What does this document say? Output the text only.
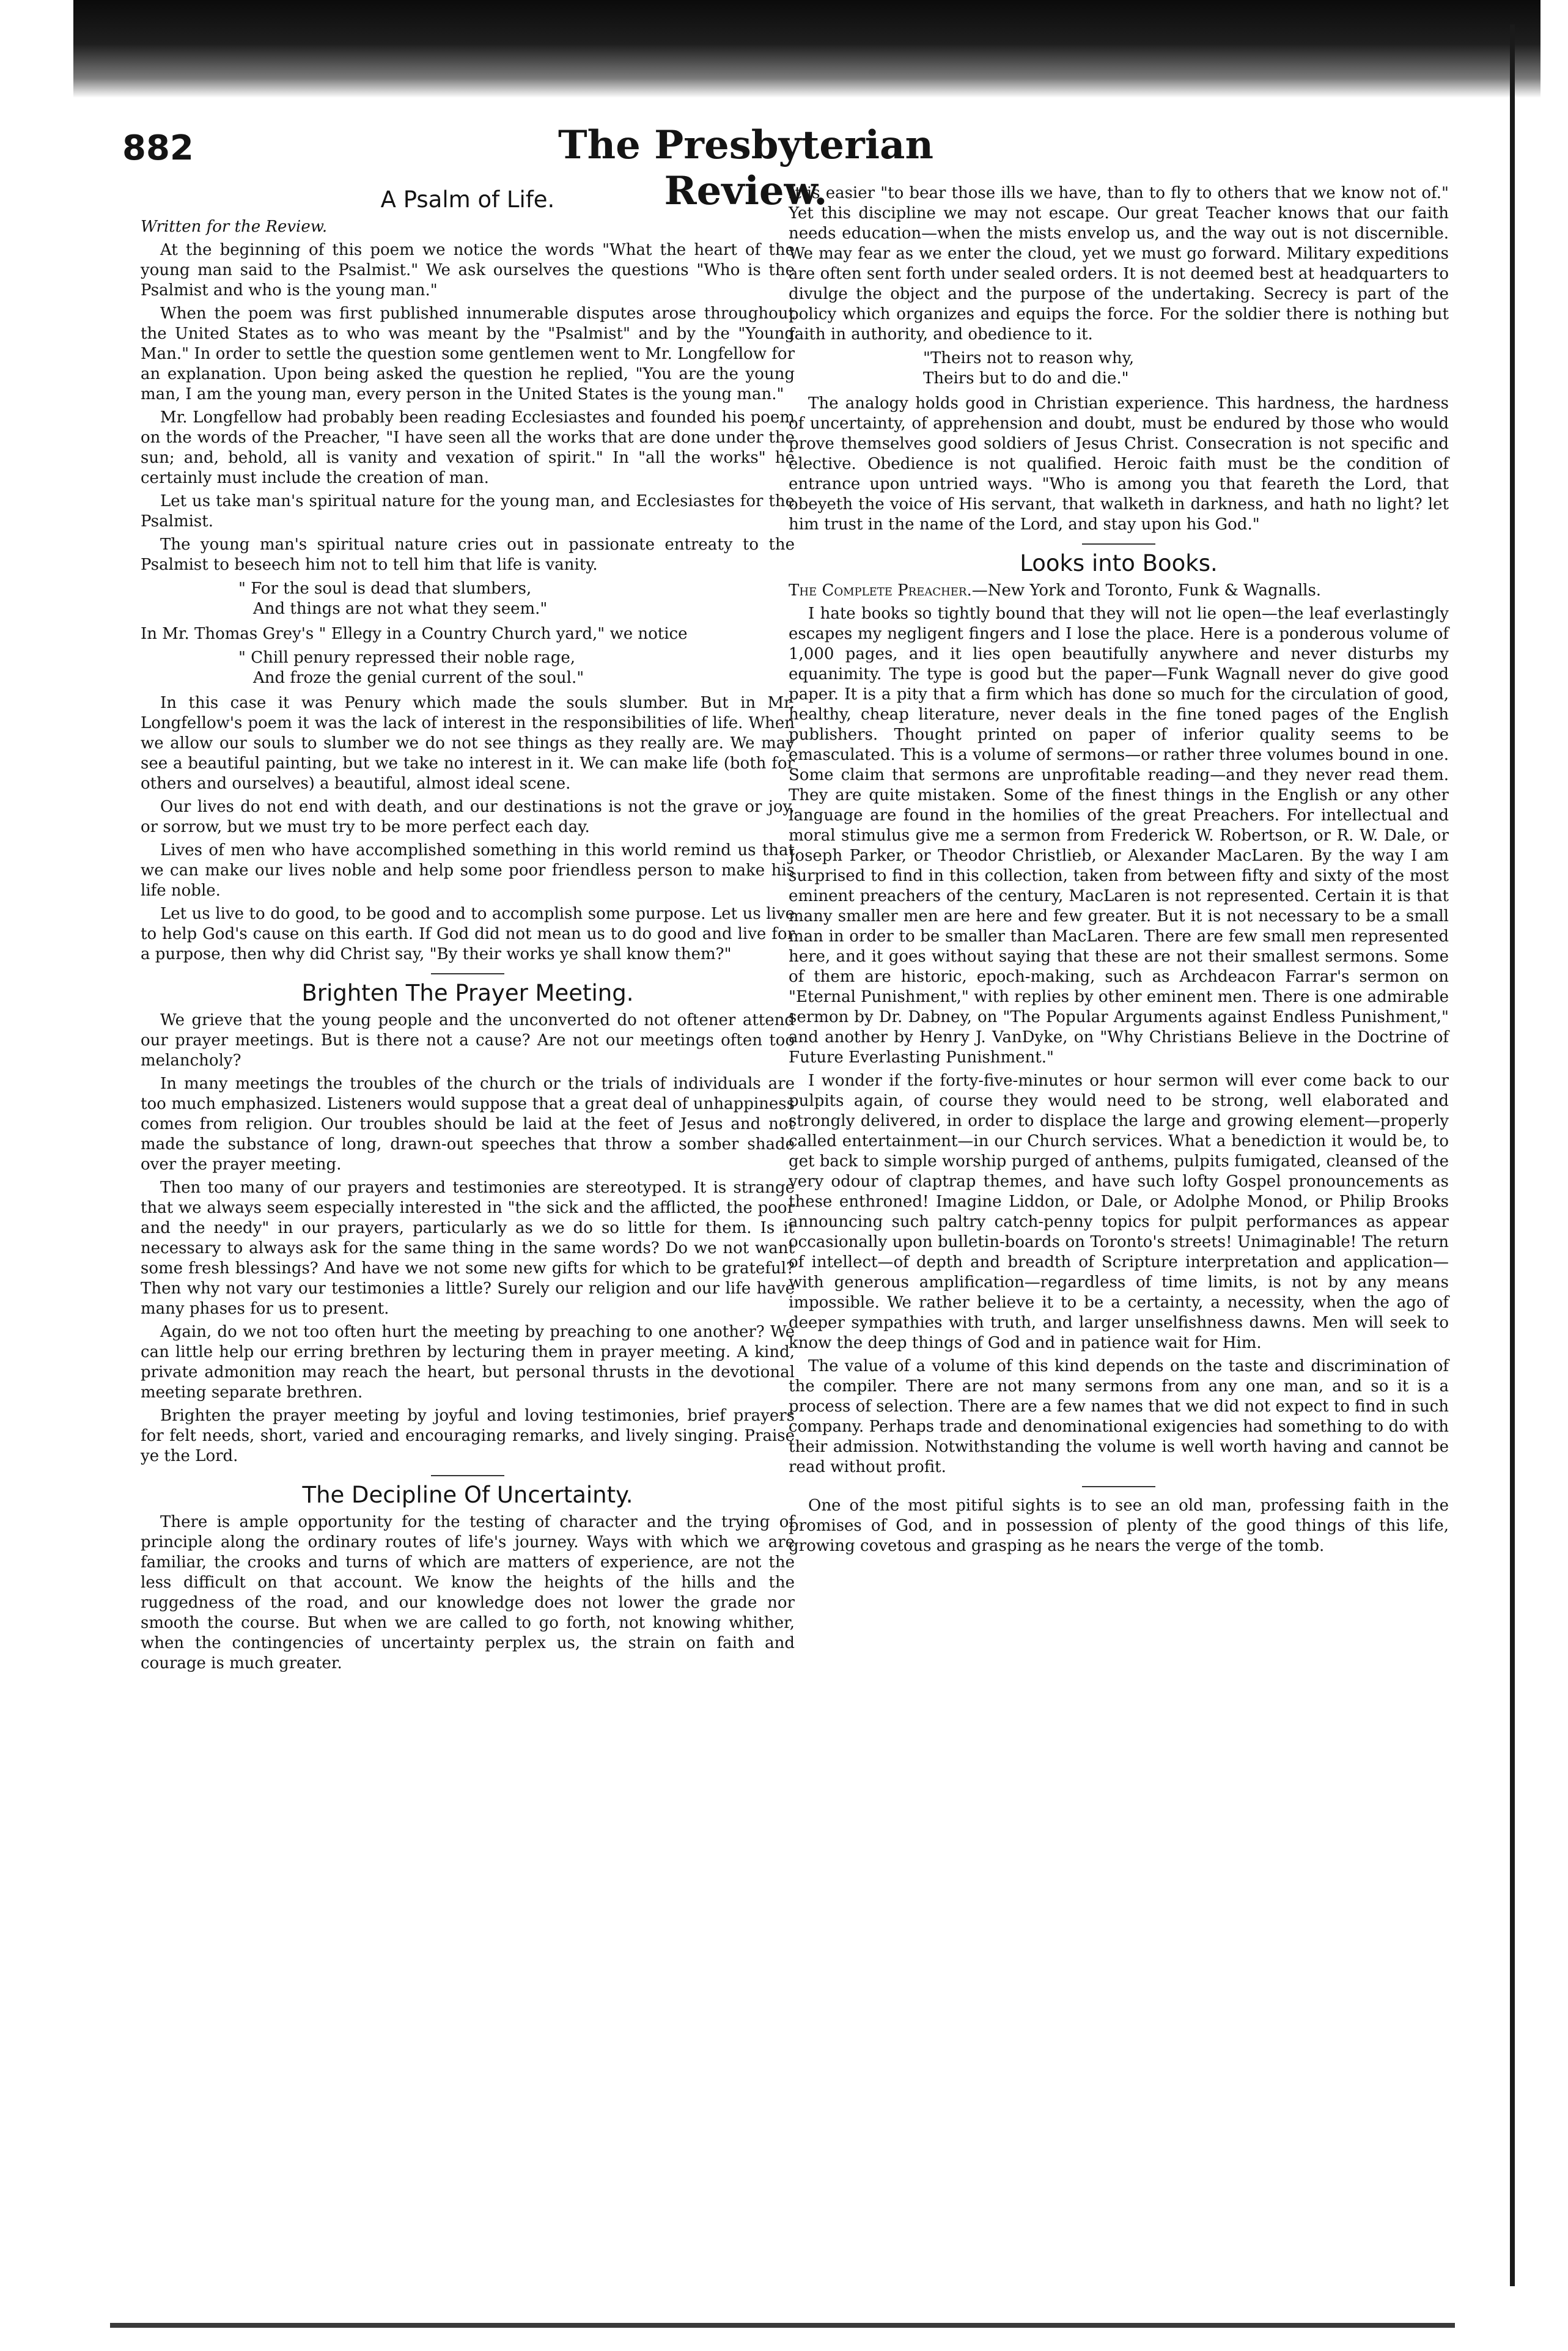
882	The Presbyterian Review.
A Psalm of Life.

Written for the Review.

At the beginning of this poem we notice the words "What the heart of the young man said to the Psalmist." We ask ourselves the questions "Who is the Psalmist and who is the young man."

When the poem was first published innumerable disputes arose throughout the United States as to who was meant by the "Psalmist" and by the "Young Man." In order to settle the question some gentlemen went to Mr. Longfellow for an explanation. Upon being asked the question he replied, "You are the young man, I am the young man, every person in the United States is the young man."

Mr. Longfellow had probably been reading Ecclesiastes and founded his poem on the words of the Preacher, "I have seen all the works that are done under the sun; and, behold, all is vanity and vexation of spirit." In "all the works" he certainly must include the creation of man.

Let us take man's spiritual nature for the young man, and Ecclesiastes for the Psalmist.

The young man's spiritual nature cries out in passionate entreaty to the Psalmist to beseech him not to tell him that life is vanity.

" For the soul is dead that slumbers,
And things are not what they seem."

In Mr. Thomas Grey's " Ellegy in a Country Church yard," we notice

" Chill penury repressed their noble rage,
And froze the genial current of the soul."

In this case it was Penury which made the souls slumber. But in Mr. Longfellow's poem it was the lack of interest in the responsibilities of life. When we allow our souls to slumber we do not see things as they really are. We may see a beautiful painting, but we take no interest in it. We can make life (both for others and ourselves) a beautiful, almost ideal scene.

Our lives do not end with death, and our destinations is not the grave or joy, or sorrow, but we must try to be more perfect each day.

Lives of men who have accomplished something in this world remind us that we can make our lives noble and help some poor friendless person to make his life noble.

Let us live to do good, to be good and to accomplish some purpose. Let us live to help God's cause on this earth. If God did not mean us to do good and live for a purpose, then why did Christ say, "By their works ye shall know them?"

Brighten The Prayer Meeting.

We grieve that the young people and the unconverted do not oftener attend our prayer meetings. But is there not a cause? Are not our meetings often too melancholy?

In many meetings the troubles of the church or the trials of individuals are too much emphasized. Listeners would suppose that a great deal of unhappiness comes from religion. Our troubles should be laid at the feet of Jesus and not made the substance of long, drawn-out speeches that throw a somber shade over the prayer meeting.

Then too many of our prayers and testimonies are stereotyped. It is strange that we always seem especially interested in "the sick and the afflicted, the poor and the needy" in our prayers, particularly as we do so little for them. Is it necessary to always ask for the same thing in the same words? Do we not want some fresh blessings? And have we not some new gifts for which to be grateful? Then why not vary our testimonies a little? Surely our religion and our life have many phases for us to present.

Again, do we not too often hurt the meeting by preaching to one another? We can little help our erring brethren by lecturing them in prayer meeting. A kind, private admonition may reach the heart, but personal thrusts in the devotional meeting separate brethren.

Brighten the prayer meeting by joyful and loving testimonies, brief prayers for felt needs, short, varied and encouraging remarks, and lively singing. Praise ye the Lord.

The Decipline Of Uncertainty.

There is ample opportunity for the testing of character and the trying of principle along the ordinary routes of life's journey. Ways with which we are familiar, the crooks and turns of which are matters of experience, are not the less difficult on that account. We know the heights of the hills and the ruggedness of the road, and our knowledge does not lower the grade nor smooth the course. But when we are called to go forth, not knowing whither, when the contingencies of uncertainty perplex us, the strain on faith and courage is much greater.

It is easier "to bear those ills we have, than to fly to others that we know not of." Yet this discipline we may not escape. Our great Teacher knows that our faith needs education—when the mists envelop us, and the way out is not discernible. We may fear as we enter the cloud, yet we must go forward. Military expeditions are often sent forth under sealed orders. It is not deemed best at headquarters to divulge the object and the purpose of the undertaking. Secrecy is part of the policy which organizes and equips the force. For the soldier there is nothing but faith in authority, and obedience to it.

"Theirs not to reason why,
Theirs but to do and die."

The analogy holds good in Christian experience. This hardness, the hardness of uncertainty, of apprehension and doubt, must be endured by those who would prove themselves good soldiers of Jesus Christ. Consecration is not specific and elective. Obedience is not qualified. Heroic faith must be the condition of entrance upon untried ways. "Who is among you that feareth the Lord, that obeyeth the voice of His servant, that walketh in darkness, and hath no light? let him trust in the name of the Lord, and stay upon his God."

Looks into Books.

The Complete Preacher.—New York and Toronto, Funk & Wagnalls.

I hate books so tightly bound that they will not lie open—the leaf everlastingly escapes my negligent fingers and I lose the place. Here is a ponderous volume of 1,000 pages, and it lies open beautifully anywhere and never disturbs my equanimity. The type is good but the paper—Funk Wagnall never do give good paper. It is a pity that a firm which has done so much for the circulation of good, healthy, cheap literature, never deals in the fine toned pages of the English publishers. Thought printed on paper of inferior quality seems to be emasculated. This is a volume of sermons—or rather three volumes bound in one. Some claim that sermons are unprofitable reading—and they never read them. They are quite mistaken. Some of the finest things in the English or any other language are found in the homilies of the great Preachers. For intellectual and moral stimulus give me a sermon from Frederick W. Robertson, or R. W. Dale, or Joseph Parker, or Theodor Christlieb, or Alexander MacLaren. By the way I am surprised to find in this collection, taken from between fifty and sixty of the most eminent preachers of the century, MacLaren is not represented. Certain it is that many smaller men are here and few greater. But it is not necessary to be a small man in order to be smaller than MacLaren. There are few small men represented here, and it goes without saying that these are not their smallest sermons. Some of them are historic, epoch-making, such as Archdeacon Farrar's sermon on "Eternal Punishment," with replies by other eminent men. There is one admirable sermon by Dr. Dabney, on "The Popular Arguments against Endless Punishment," and another by Henry J. VanDyke, on "Why Christians Believe in the Doctrine of Future Everlasting Punishment."

I wonder if the forty-five-minutes or hour sermon will ever come back to our pulpits again, of course they would need to be strong, well elaborated and strongly delivered, in order to displace the large and growing element—properly called entertainment—in our Church services. What a benediction it would be, to get back to simple worship purged of anthems, pulpits fumigated, cleansed of the very odour of claptrap themes, and have such lofty Gospel pronouncements as these enthroned! Imagine Liddon, or Dale, or Adolphe Monod, or Philip Brooks announcing such paltry catch-penny topics for pulpit performances as appear occasionally upon bulletin-boards on Toronto's streets! Unimaginable! The return of intellect—of depth and breadth of Scripture interpretation and application—with generous amplification—regardless of time limits, is not by any means impossible. We rather believe it to be a certainty, a necessity, when the ago of deeper sympathies with truth, and larger unselfishness dawns. Men will seek to know the deep things of God and in patience wait for Him.

The value of a volume of this kind depends on the taste and discrimination of the compiler. There are not many sermons from any one man, and so it is a process of selection. There are a few names that we did not expect to find in such company. Perhaps trade and denominational exigencies had something to do with their admission. Notwithstanding the volume is well worth having and cannot be read without profit.

One of the most pitiful sights is to see an old man, professing faith in the promises of God, and in possession of plenty of the good things of this life, growing covetous and grasping as he nears the verge of the tomb.
